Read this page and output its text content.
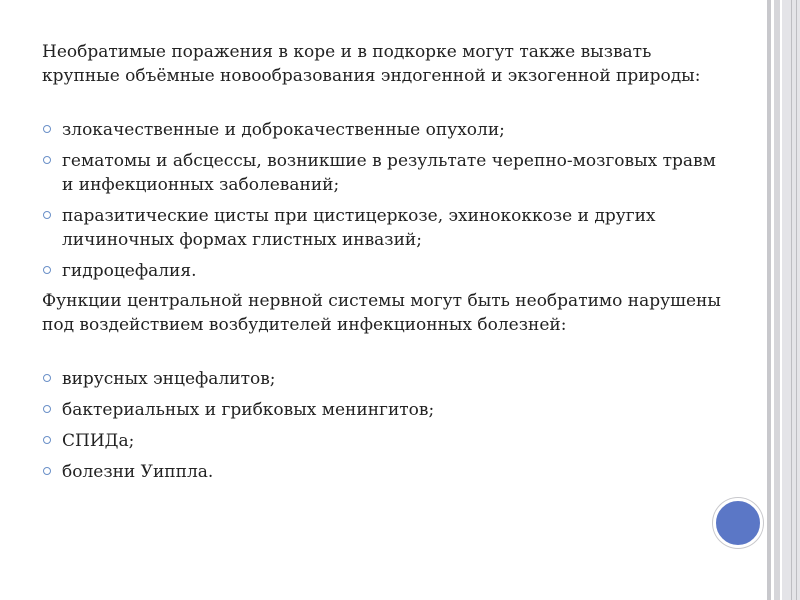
Необратимые поражения в коре и в подкорке могут также вызвать крупные объёмные новообразования эндогенной и экзогенной природы:

злокачественные и доброкачественные опухоли;
гематомы и абсцессы, возникшие в результате черепно-мозговых травм и инфекционных заболеваний;
паразитические цисты при цистицеркозе, эхинококкозе и других личиночных формах глистных инвазий;
гидроцефалия.

Функции центральной нервной системы могут быть необратимо нарушены под воздействием возбудителей инфекционных болезней:

вирусных энцефалитов;
бактериальных и грибковых менингитов;
СПИДа;
болезни Уиппла.
